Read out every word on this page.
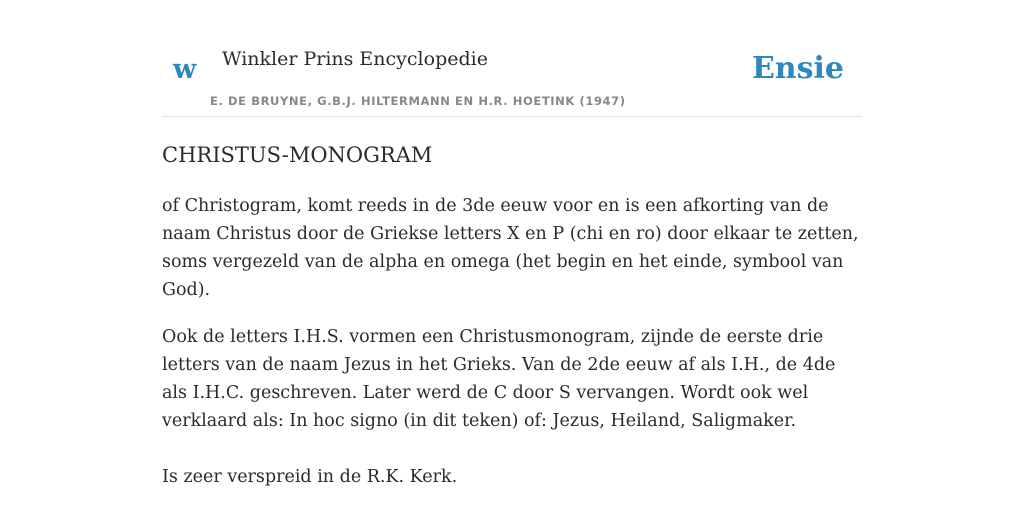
w Winkler Prins Encyclopedie
E. DE BRUYNE, G.B.J. HILTERMANN EN H.R. HOETINK (1947)
Ensie
CHRISTUS-MONOGRAM

of Christogram, komt reeds in de 3de eeuw voor en is een afkorting van de naam Christus door de Griekse letters X en P (chi en ro) door elkaar te zetten, soms vergezeld van de alpha en omega (het begin en het einde, symbool van God).

Ook de letters I.H.S. vormen een Christusmonogram, zijnde de eerste drie letters van de naam Jezus in het Grieks. Van de 2de eeuw af als I.H., de 4de als I.H.C. geschreven. Later werd de C door S vervangen. Wordt ook wel verklaard als: In hoc signo (in dit teken) of: Jezus, Heiland, Saligmaker.

Is zeer verspreid in de R.K. Kerk.
